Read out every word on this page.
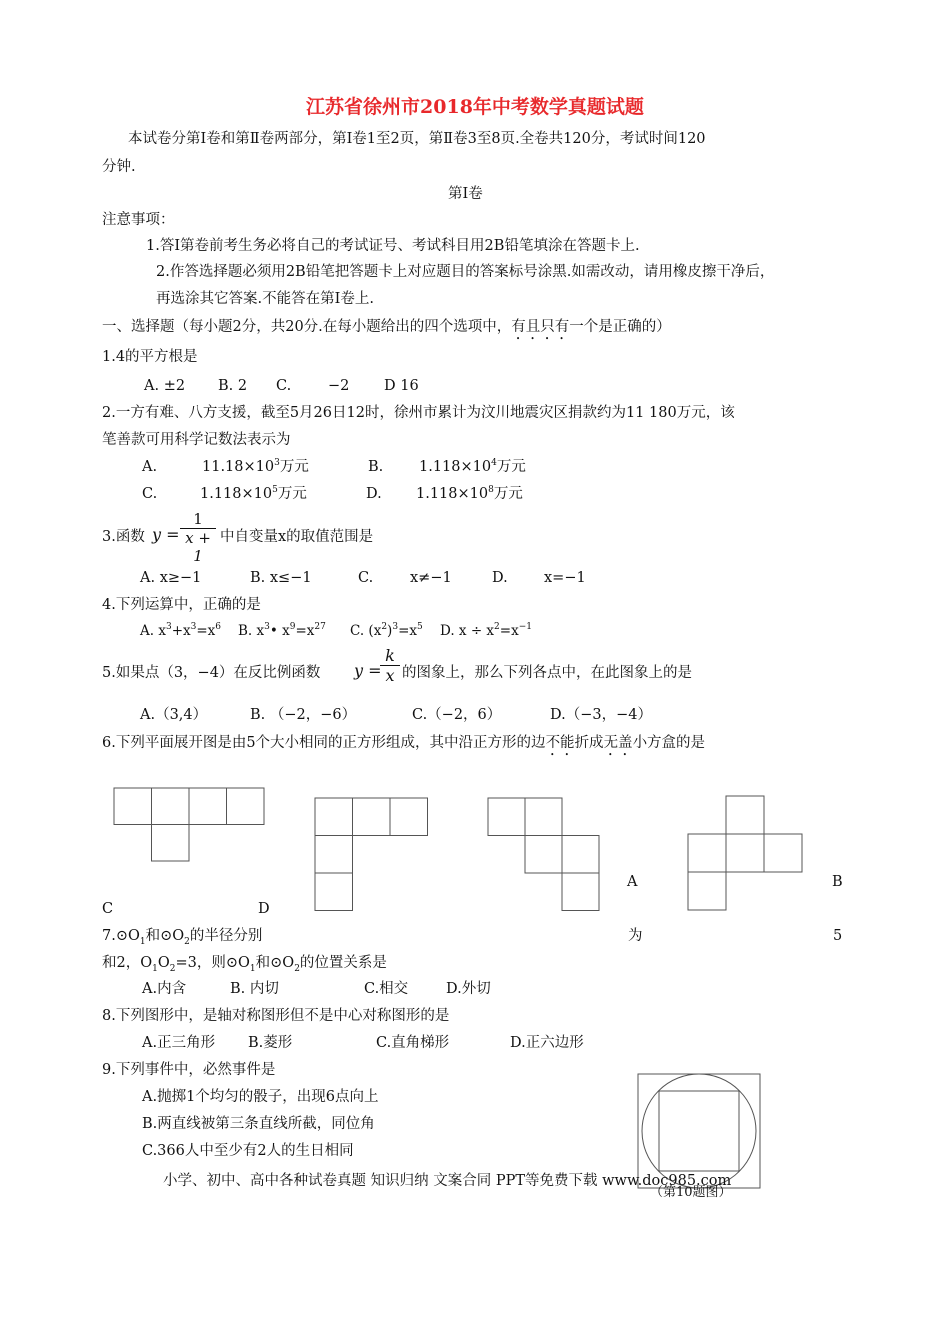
江苏省徐州市2018年中考数学真题试题
本试卷分第Ⅰ卷和第Ⅱ卷两部分，第Ⅰ卷1至2页，第Ⅱ卷3至8页.全卷共120分，考试时间120
分钟.
第Ⅰ卷
注意事项：
1.答Ⅰ第卷前考生务必将自己的考试证号、考试科目用2B铅笔填涂在答题卡上.
2.作答选择题必须用2B铅笔把答题卡上对应题目的答案标号涂黑.如需改动，请用橡皮擦干净后，
再选涂其它答案.不能答在第Ⅰ卷上.
一、选择题（每小题2分，共20分.在每小题给出的四个选项中，有且只有一个是正确的）
1.4的平方根是
A. ±2 B. 2 C.	−2 D 16
2.一方有难、八方支援，截至5月26日12时，徐州市累计为汶川地震灾区捐款约为11 180万元，该
笔善款可用科学记数法表示为
A.	$11.18\times 10^3$万元	B. $1.118\times 10^4$万元
C.	$1.118\times 10^5$万元	D. $1.118\times 10^8$万元
3.函数 $y = \frac{1}{x + 1}$ 中自变量x的取值范围是
A. x≥−1	B. x≤−1	C.	x≠−1	D.	x=−1
4.下列运算中，正确的是
A. $x^3+x^3=x^6$ B. $x^3•$ $x^9=x^{27}$ C. $(x^2)^3=x^5$ D. $x \div x^2=x^{-1}$
5.如果点（3，−4）在反比例函数 y =
$\frac{k}{x}$ 的图象上，那么下列各点中，在此图象上的是
A.（3,4）	B. （−2，−6）	C.（−2，6）	D.（−3，−4）
6.下列平面展开图是由5个大小相同的正方形组成，其中沿正方形的边不能折成无盖小方盒的是
A	B
C	D
$7.⊙O_1$和$⊙O_2$的半径分别	为	5
和2，$O_1O_2=3$，则$⊙O_1$和$⊙O_2$的位置关系是
A.内含	B. 内切	C.相交	D.外切
8.下列图形中，是轴对称图形但不是中心对称图形的是
A.正三角形 B.菱形	C.直角梯形	D.正六边形
9.下列事件中，必然事件是
A.抛掷1个均匀的骰子，出现6点向上
B.两直线被第三条直线所截，同位角
C.366人中至少有2人的生日相同
小学、初中、高中各种试卷真题 知识归纳 文案合同 PPT等免费下载 www.doc985.com
（第10题图）
